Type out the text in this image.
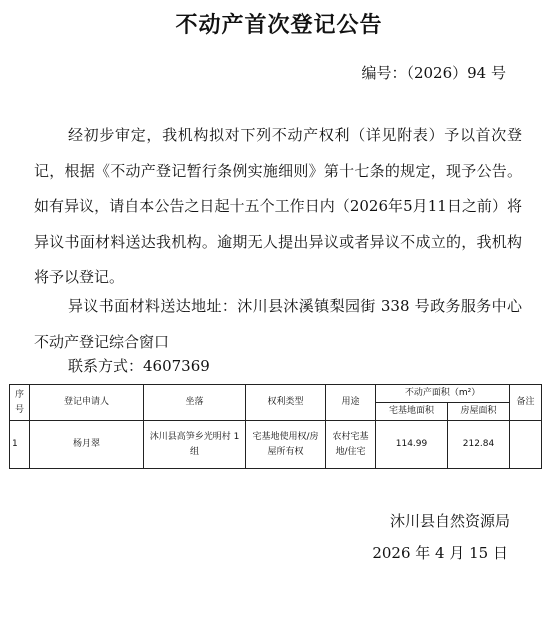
不动产首次登记公告
编号：（2026）94 号
经初步审定，我机构拟对下列不动产权利（详见附表）予以首次登记，根据《不动产登记暂行条例实施细则》第十七条的规定，现予公告。如有异议，请自本公告之日起十五个工作日内（2026年5月11日之前）将异议书面材料送达我机构。逾期无人提出异议或者异议不成立的，我机构将予以登记。
异议书面材料送达地址：沐川县沐溪镇梨园街 338 号政务服务中心不动产登记综合窗口
联系方式：4607369
序号	登记申请人	坐落	权利类型	用途	不动产面积（m²）		备注
					宅基地面积	房屋面积	
1	杨月翠	沐川县高笋乡光明村 1 组	宅基地使用权/房屋所有权	农村宅基地/住宅	114.99	212.84	
沐川县自然资源局
2026 年 4 月 15 日
